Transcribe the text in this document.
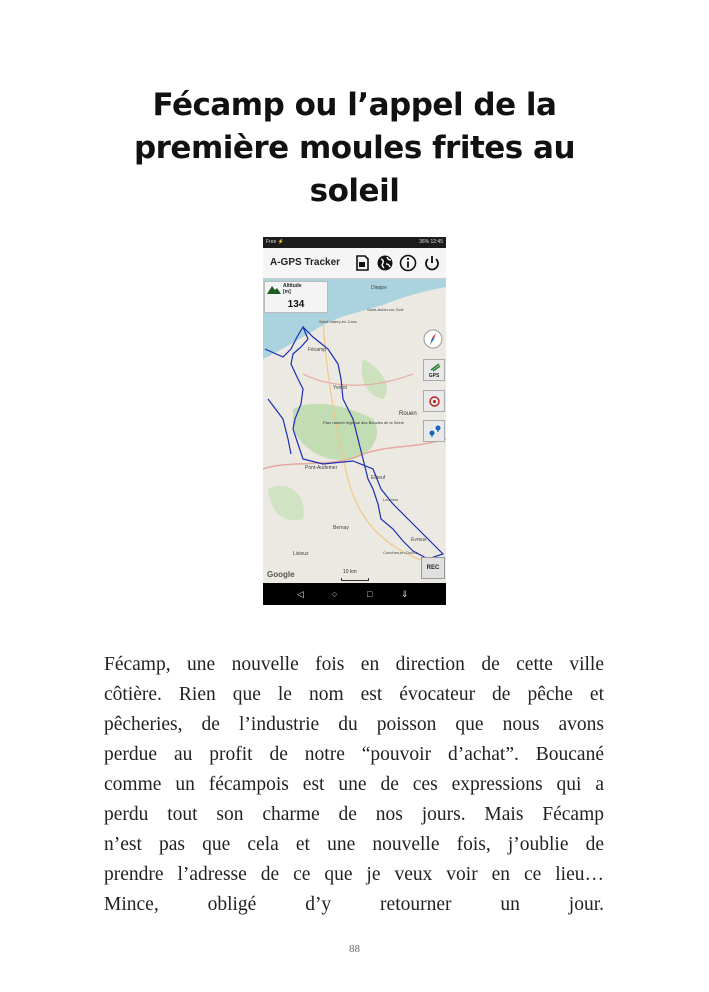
Fécamp ou l’appel de la
première moules frites au
soleil
Free ⚡	36% 12:45
A-GPS Tracker
Dieppe
Saint-Valery-en-Caux
Saint-Aubin-sur-Scie
Fécamp
Yvetot
Rouen
Parc naturel régional des Boucles de la Seine
Pont-Audemer
Bernay
Evreux
Elbeuf
Louviers
Conches-en-Ouche
Lisieux
Altitude
[m]
134
GPS
REC
Google	10 km
◁	○	□	⇓
Fécamp, une nouvelle fois en direction de cette ville
côtière. Rien que le nom est évocateur de pêche et
pêcheries, de l’industrie du poisson que nous avons
perdue au profit de notre “pouvoir d’achat”. Boucané
comme un fécampois est une de ces expressions qui a
perdu tout son charme de nos jours. Mais Fécamp
n’est pas que cela et une nouvelle fois, j’oublie de
prendre l’adresse de ce que je veux voir en ce lieu…
Mince, obligé d’y retourner un jour.
88
